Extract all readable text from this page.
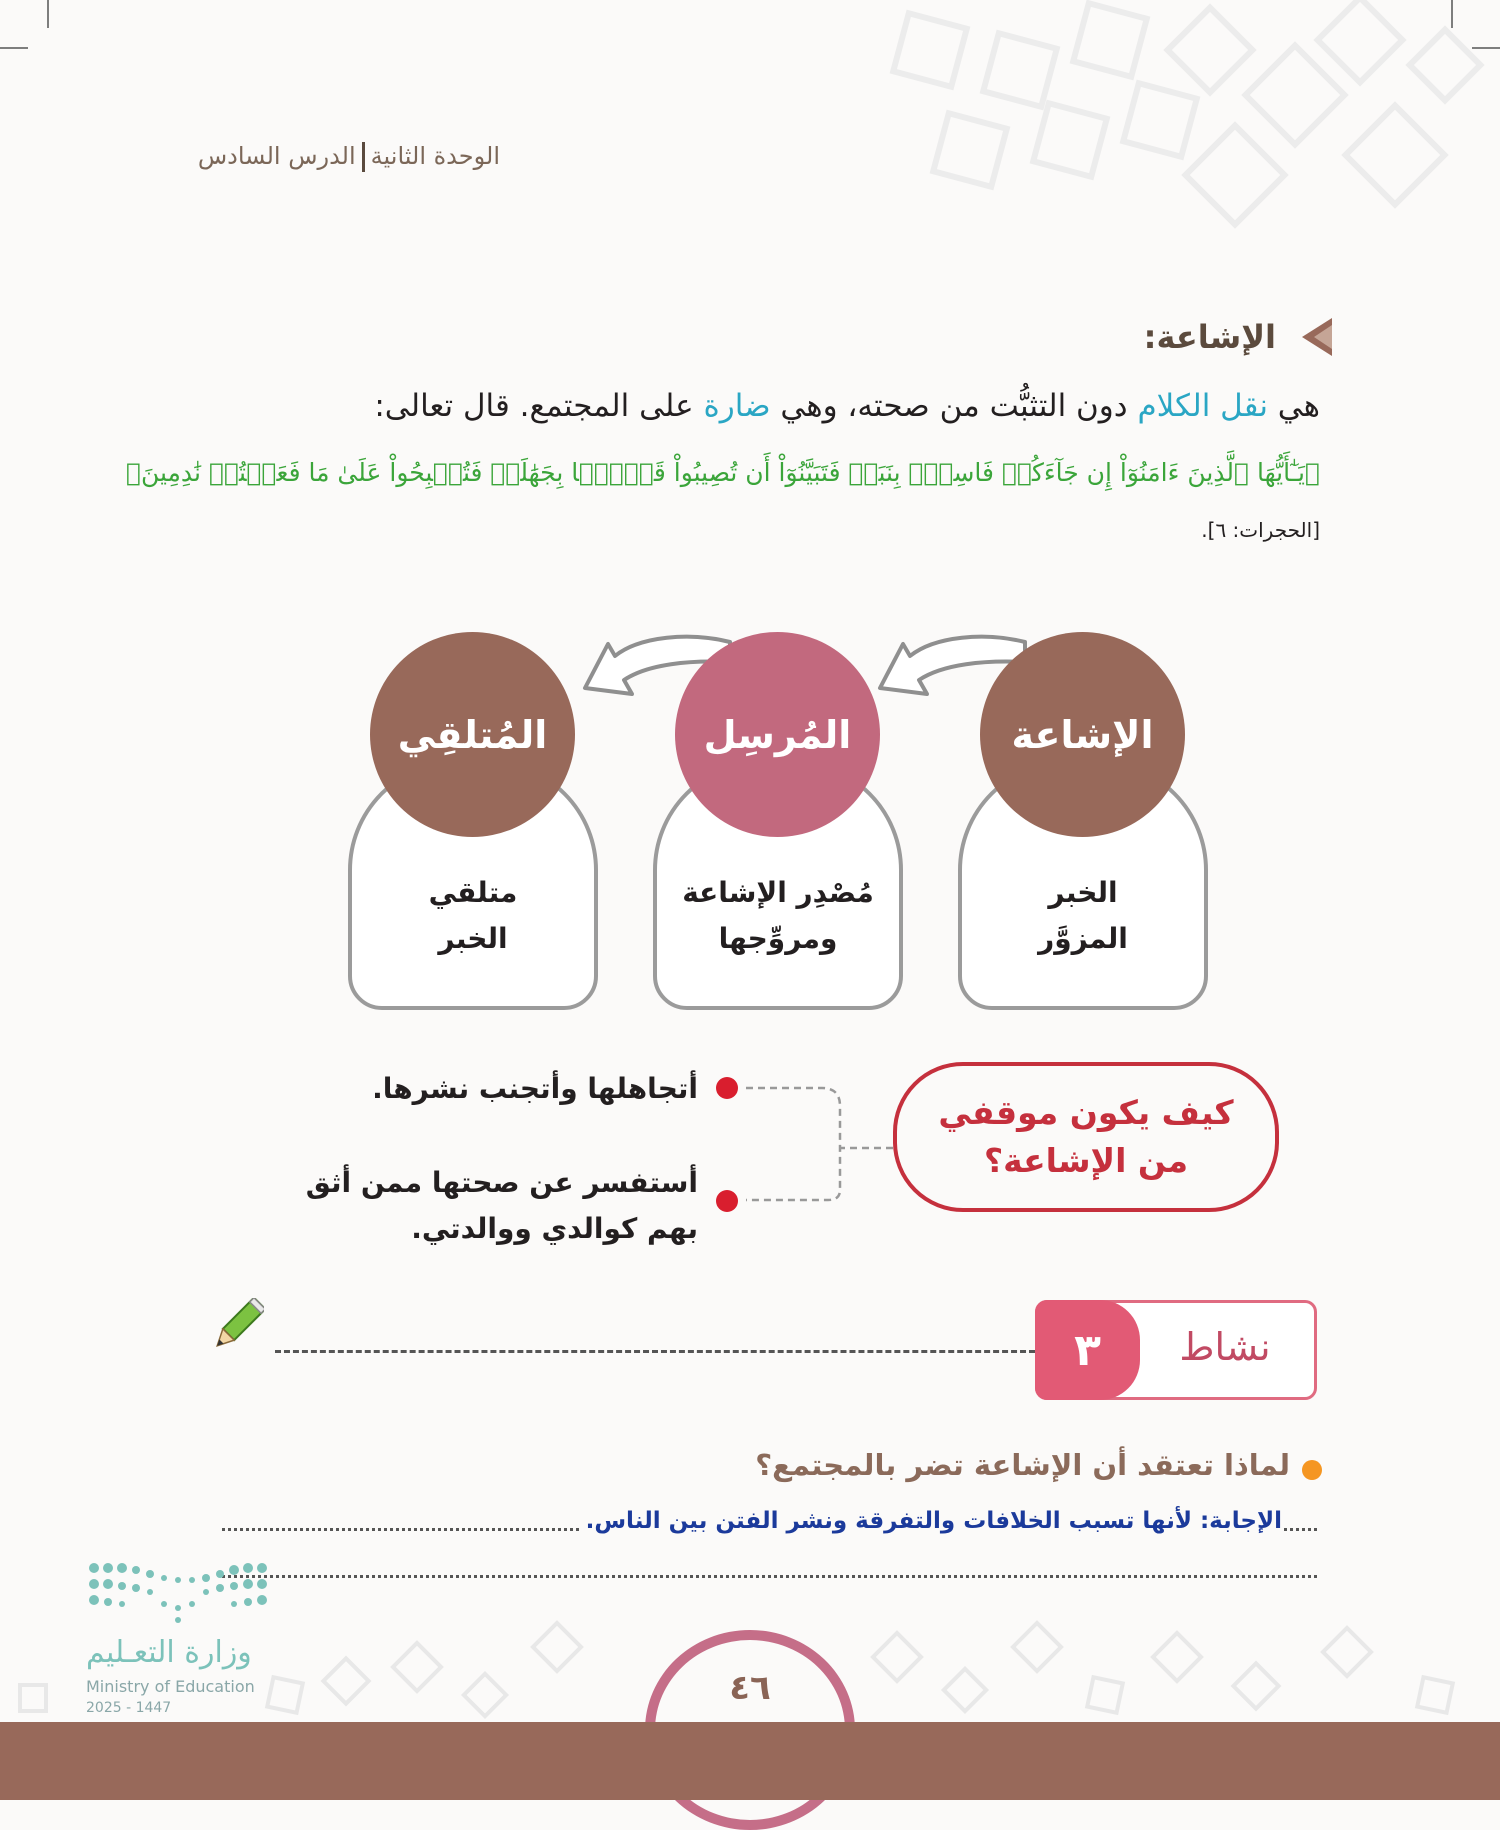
الوحدة الثانيةالدرس السادس
الإشاعة:
هي نقل الكلام دون التثبُّت من صحته، وهي ضارة على المجتمع. قال تعالى:
﴿يَـٰٓأَيُّهَا ٱلَّذِينَ ءَامَنُوٓاْ إِن جَآءَكُمۡ فَاسِقُۢ بِنَبَإٖ فَتَبَيَّنُوٓاْ أَن تُصِيبُواْ قَوۡمَۢا بِجَهَٰلَةٖ فَتُصۡبِحُواْ عَلَىٰ مَا فَعَلۡتُمۡ نَٰدِمِينَ﴾
[الحجرات: ٦].
الإشاعة
الخبر
المزوَّر
المُرسِل
مُصْدِر الإشاعة
ومروِّجها
المُتلقِي
متلقي
الخبر
كيف يكون موقفي
من الإشاعة؟
أتجاهلها وأتجنب نشرها.
أستفسر عن صحتها ممن أثق
بهم كوالدي ووالدتي.
٣	نشاط
لماذا تعتقد أن الإشاعة تضر بالمجتمع؟
الإجابة: لأنها تسبب الخلافات والتفرقة ونشر الفتن بين الناس.
وزارة التعـليم
Ministry of Education
2025 - 1447	٤٦
